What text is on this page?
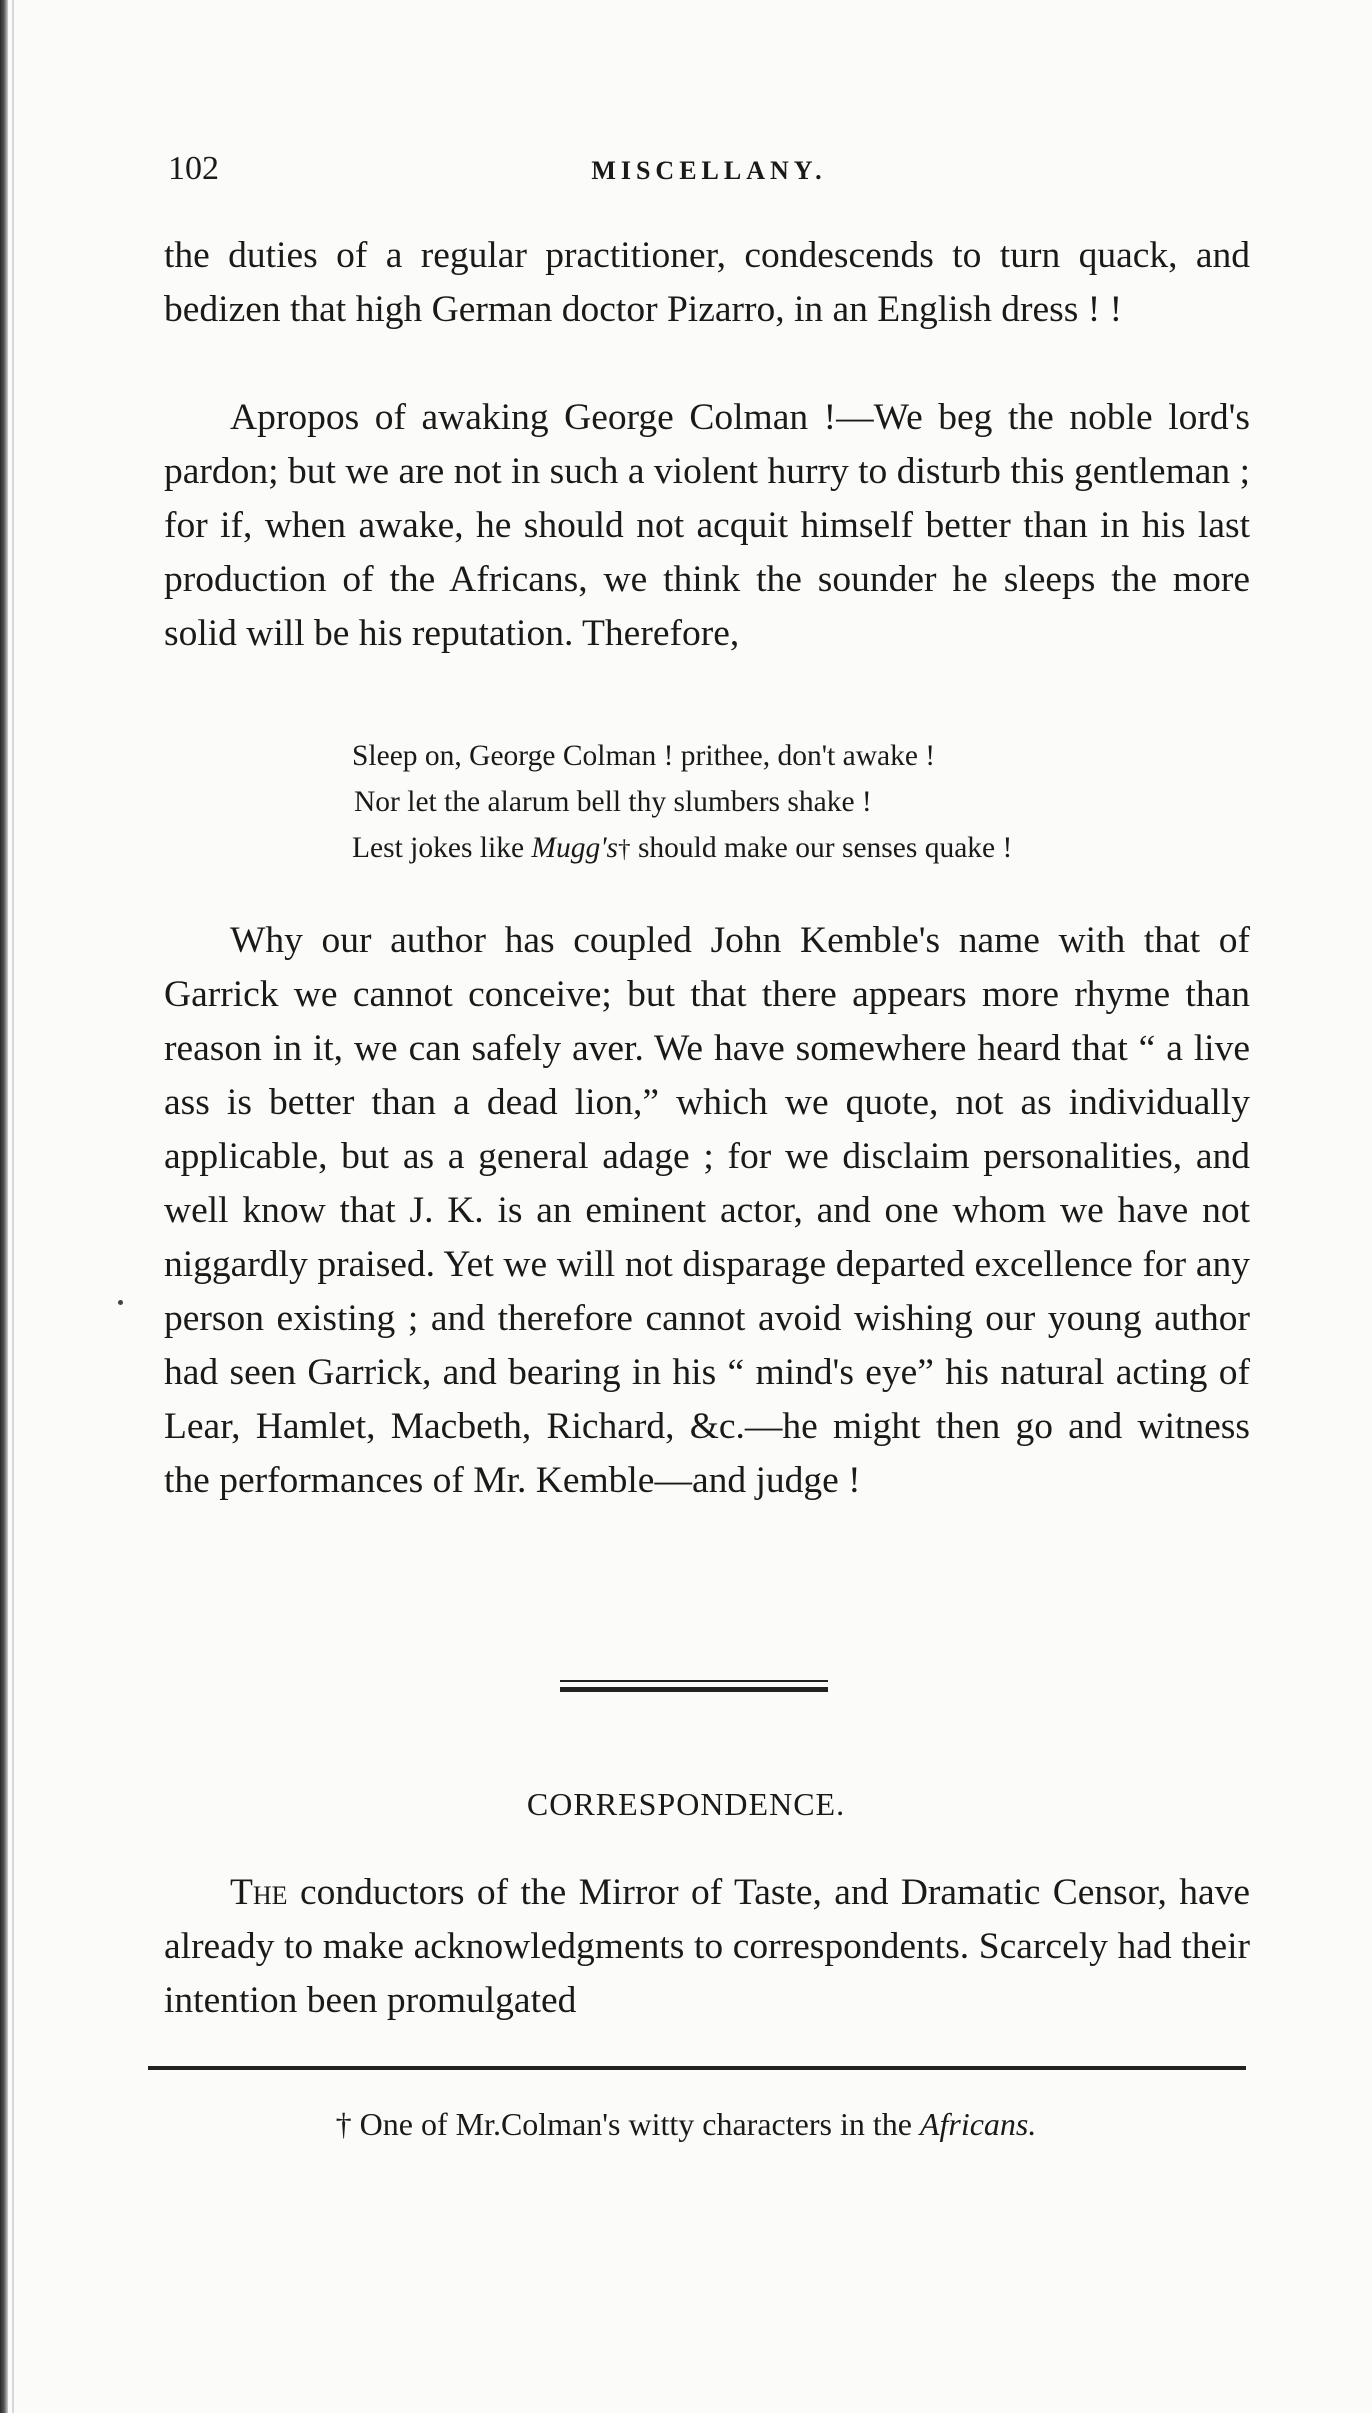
102	MISCELLANY.

the duties of a regular practitioner, condescends to turn quack, and bedizen that high German doctor Pizarro, in an English dress ! !

Apropos of awaking George Colman !—We beg the noble lord's pardon; but we are not in such a violent hurry to disturb this gentleman ; for if, when awake, he should not acquit himself better than in his last production of the Africans, we think the sounder he sleeps the more solid will be his reputation. Therefore,

Sleep on, George Colman ! prithee, don't awake !
Nor let the alarum bell thy slumbers shake !
Lest jokes like Mugg's† should make our senses quake !

Why our author has coupled John Kemble's name with that of Garrick we cannot conceive; but that there appears more rhyme than reason in it, we can safely aver. We have somewhere heard that “ a live ass is better than a dead lion,” which we quote, not as individually applicable, but as a general adage ; for we disclaim personalities, and well know that J. K. is an eminent actor, and one whom we have not niggardly praised. Yet we will not disparage departed excellence for any person existing ; and therefore cannot avoid wishing our young author had seen Garrick, and bearing in his “ mind's eye” his natural acting of Lear, Hamlet, Macbeth, Richard, &c.—he might then go and witness the performances of Mr. Kemble—and judge !

CORRESPONDENCE.

The conductors of the Mirror of Taste, and Dramatic Censor, have already to make acknowledgments to correspondents. Scarcely had their intention been promulgated

† One of Mr.Colman's witty characters in the Africans.
